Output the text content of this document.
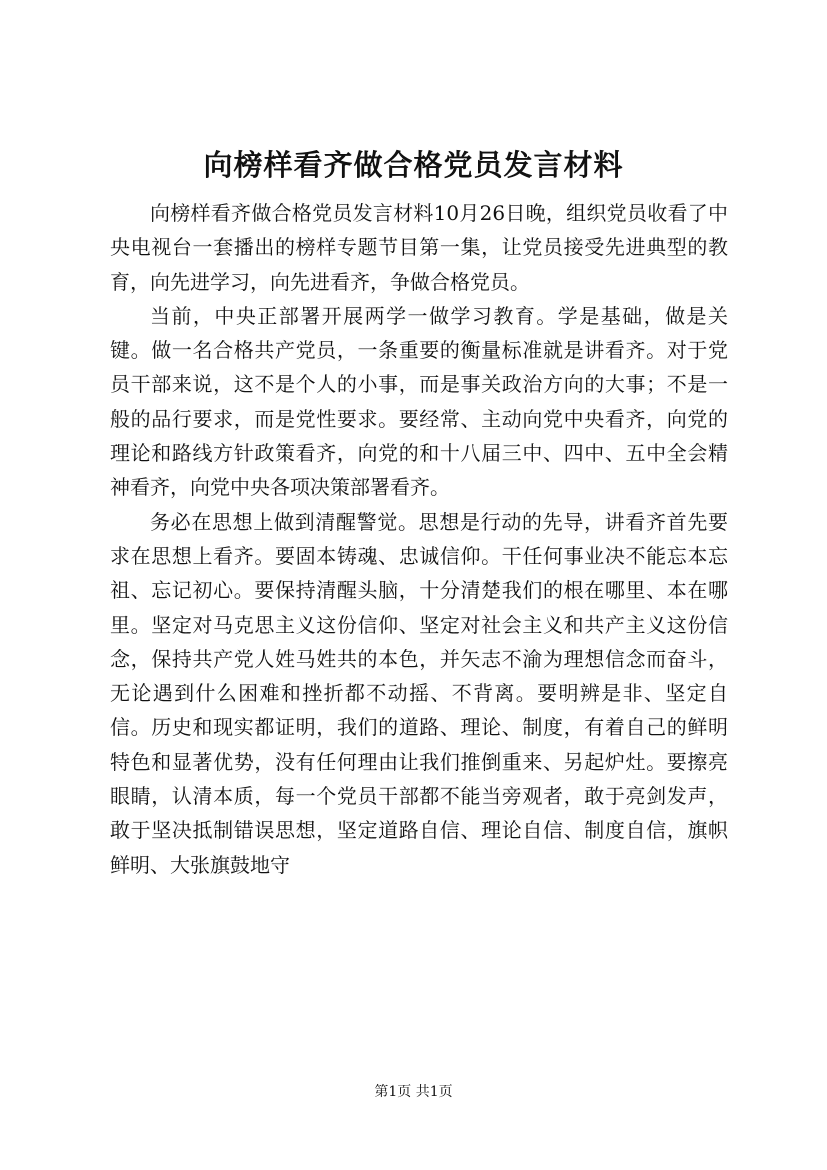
向榜样看齐做合格党员发言材料

向榜样看齐做合格党员发言材料10月26日晚，组织党员收看了中央电视台一套播出的榜样专题节目第一集，让党员接受先进典型的教育，向先进学习，向先进看齐，争做合格党员。

当前，中央正部署开展两学一做学习教育。学是基础，做是关键。做一名合格共产党员，一条重要的衡量标准就是讲看齐。对于党员干部来说，这不是个人的小事，而是事关政治方向的大事；不是一般的品行要求，而是党性要求。要经常、主动向党中央看齐，向党的理论和路线方针政策看齐，向党的和十八届三中、四中、五中全会精神看齐，向党中央各项决策部署看齐。

务必在思想上做到清醒警觉。思想是行动的先导，讲看齐首先要求在思想上看齐。要固本铸魂、忠诚信仰。干任何事业决不能忘本忘祖、忘记初心。要保持清醒头脑，十分清楚我们的根在哪里、本在哪里。坚定对马克思主义这份信仰、坚定对社会主义和共产主义这份信念，保持共产党人姓马姓共的本色，并矢志不渝为理想信念而奋斗，无论遇到什么困难和挫折都不动摇、不背离。要明辨是非、坚定自信。历史和现实都证明，我们的道路、理论、制度，有着自己的鲜明特色和显著优势，没有任何理由让我们推倒重来、另起炉灶。要擦亮眼睛，认清本质，每一个党员干部都不能当旁观者，敢于亮剑发声，敢于坚决抵制错误思想，坚定道路自信、理论自信、制度自信，旗帜鲜明、大张旗鼓地守

第1页 共1页
